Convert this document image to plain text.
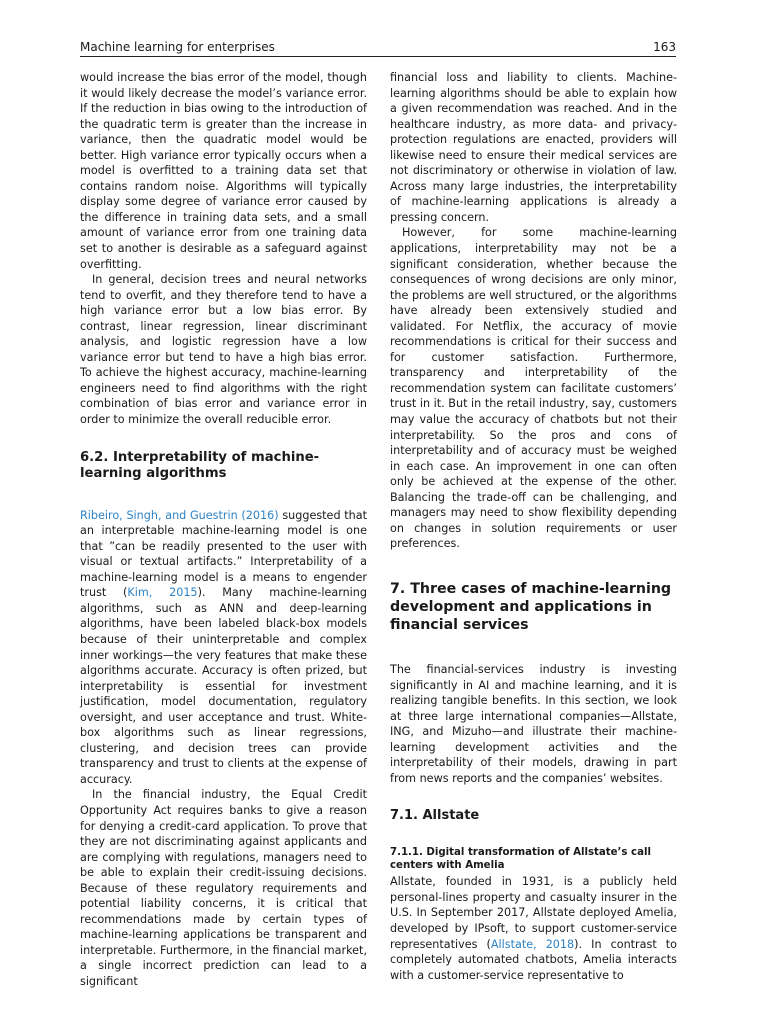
Machine learning for enterprises	163

would increase the bias error of the model, though it would likely decrease the model’s variance error. If the reduction in bias owing to the introduction of the quadratic term is greater than the increase in variance, then the quadratic model would be better. High variance error typically occurs when a model is overfitted to a training data set that contains random noise. Algorithms will typically display some degree of variance error caused by the difference in training data sets, and a small amount of variance error from one training data set to another is desirable as a safeguard against overfitting.

In general, decision trees and neural networks tend to overfit, and they therefore tend to have a high variance error but a low bias error. By contrast, linear regression, linear discriminant analysis, and logistic regression have a low variance error but tend to have a high bias error. To achieve the highest accuracy, machine-learning engineers need to find algorithms with the right combination of bias error and variance error in order to minimize the overall reducible error.

6.2. Interpretability of machine-learning algorithms

Ribeiro, Singh, and Guestrin (2016) suggested that an interpretable machine-learning model is one that ”can be readily presented to the user with visual or textual artifacts.” Interpretability of a machine-learning model is a means to engender trust (Kim, 2015). Many machine-learning algorithms, such as ANN and deep-learning algorithms, have been labeled black-box models because of their uninterpretable and complex inner workings—the very features that make these algorithms accurate. Accuracy is often prized, but interpretability is essential for investment justification, model documentation, regulatory oversight, and user acceptance and trust. White-box algorithms such as linear regressions, clustering, and decision trees can provide transparency and trust to clients at the expense of accuracy.

In the financial industry, the Equal Credit Opportunity Act requires banks to give a reason for denying a credit-card application. To prove that they are not discriminating against applicants and are complying with regulations, managers need to be able to explain their credit-issuing decisions. Because of these regulatory requirements and potential liability concerns, it is critical that recommendations made by certain types of machine-learning applications be transparent and interpretable. Furthermore, in the financial market, a single incorrect prediction can lead to a significant

financial loss and liability to clients. Machine-learning algorithms should be able to explain how a given recommendation was reached. And in the healthcare industry, as more data- and privacy-protection regulations are enacted, providers will likewise need to ensure their medical services are not discriminatory or otherwise in violation of law. Across many large industries, the interpretability of machine-learning applications is already a pressing concern.

However, for some machine-learning applications, interpretability may not be a significant consideration, whether because the consequences of wrong decisions are only minor, the problems are well structured, or the algorithms have already been extensively studied and validated. For Netflix, the accuracy of movie recommendations is critical for their success and for customer satisfaction. Furthermore, transparency and interpretability of the recommendation system can facilitate customers’ trust in it. But in the retail industry, say, customers may value the accuracy of chatbots but not their interpretability. So the pros and cons of interpretability and of accuracy must be weighed in each case. An improvement in one can often only be achieved at the expense of the other. Balancing the trade-off can be challenging, and managers may need to show flexibility depending on changes in solution requirements or user preferences.

7. Three cases of machine-learning development and applications in financial services

The financial-services industry is investing significantly in AI and machine learning, and it is realizing tangible benefits. In this section, we look at three large international companies—Allstate, ING, and Mizuho—and illustrate their machine-learning development activities and the interpretability of their models, drawing in part from news reports and the companies’ websites.

7.1. Allstate
7.1.1. Digital transformation of Allstate’s call centers with Amelia

Allstate, founded in 1931, is a publicly held personal-lines property and casualty insurer in the U.S. In September 2017, Allstate deployed Amelia, developed by IPsoft, to support customer-service representatives (Allstate, 2018). In contrast to completely automated chatbots, Amelia interacts with a customer-service representative to
